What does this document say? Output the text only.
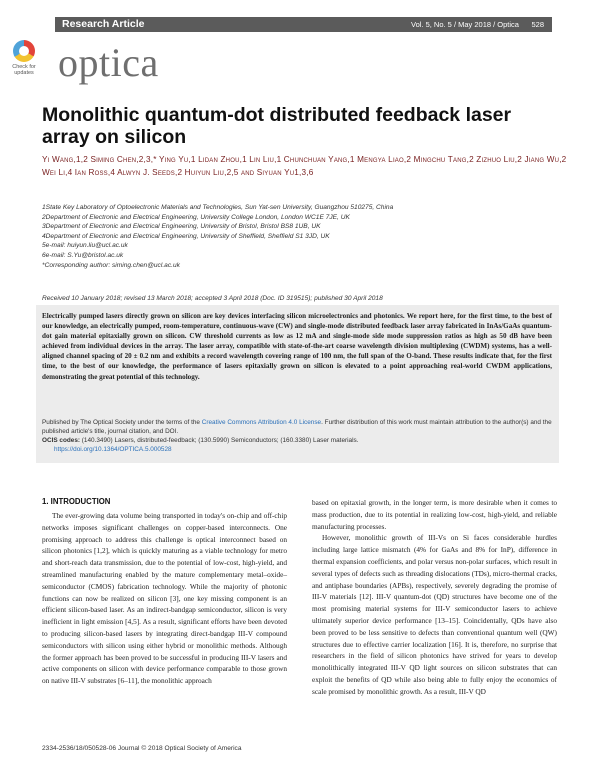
Research Article	Vol. 5, No. 5 / May 2018 / Optica      528
Check for
updates optica
Monolithic quantum-dot distributed feedback laser array on silicon
Yi Wang,1,2 Siming Chen,2,3,* Ying Yu,1 Lidan Zhou,1 Lin Liu,1 Chunchuan Yang,1 Mengya Liao,2 Mingchu Tang,2 Zizhuo Liu,2 Jiang Wu,2 Wei Li,4 Ian Ross,4 Alwyn J. Seeds,2 Huiyun Liu,2,5 and Siyuan Yu1,3,6
1State Key Laboratory of Optoelectronic Materials and Technologies, Sun Yat-sen University, Guangzhou 510275, China
2Department of Electronic and Electrical Engineering, University College London, London WC1E 7JE, UK
3Department of Electronic and Electrical Engineering, University of Bristol, Bristol BS8 1UB, UK
4Department of Electronic and Electrical Engineering, University of Sheffield, Sheffield S1 3JD, UK
5e-mail: huiyun.liu@ucl.ac.uk
6e-mail: S.Yu@bristol.ac.uk
*Corresponding author: siming.chen@ucl.ac.uk
Received 10 January 2018; revised 13 March 2018; accepted 3 April 2018 (Doc. ID 319515); published 30 April 2018
Electrically pumped lasers directly grown on silicon are key devices interfacing silicon microelectronics and photonics. We report here, for the first time, to the best of our knowledge, an electrically pumped, room-temperature, continuous-wave (CW) and single-mode distributed feedback laser array fabricated in InAs/GaAs quantum-dot gain material epitaxially grown on silicon. CW threshold currents as low as 12 mA and single-mode side mode suppression ratios as high as 50 dB have been achieved from individual devices in the array. The laser array, compatible with state-of-the-art coarse wavelength division multiplexing (CWDM) systems, has a well-aligned channel spacing of 20 ± 0.2 nm and exhibits a record wavelength covering range of 100 nm, the full span of the O-band. These results indicate that, for the first time, to the best of our knowledge, the performance of lasers epitaxially grown on silicon is elevated to a point approaching real-world CWDM applications, demonstrating the great potential of this technology.
Published by The Optical Society under the terms of the Creative Commons Attribution 4.0 License. Further distribution of this work must maintain attribution to the author(s) and the published article's title, journal citation, and DOI.
OCIS codes: (140.3490) Lasers, distributed-feedback; (130.5990) Semiconductors; (160.3380) Laser materials.
https://doi.org/10.1364/OPTICA.5.000528
1. INTRODUCTION

The ever-growing data volume being transported in today's on-chip and off-chip networks imposes significant challenges on copper-based interconnects. One promising approach to address this challenge is optical interconnect based on silicon photonics [1,2], which is quickly maturing as a viable technology for metro and short-reach data transmission, due to the potential of low-cost, high-yield, and streamlined manufacturing enabled by the mature complementary metal–oxide–semiconductor (CMOS) fabrication technology. While the majority of photonic functions can now be realized on silicon [3], one key missing component is an efficient silicon-based laser. As an indirect-bandgap semiconductor, silicon is very inefficient in light emission [4,5]. As a result, significant efforts have been devoted to producing silicon-based lasers by integrating direct-bandgap III-V compound semiconductors with silicon using either hybrid or monolithic methods. Although the former approach has been proved to be successful in producing III-V lasers and active components on silicon with device performance comparable to those grown on native III-V substrates [6–11], the monolithic approach

based on epitaxial growth, in the longer term, is more desirable when it comes to mass production, due to its potential in realizing low-cost, high-yield, and reliable manufacturing processes.

However, monolithic growth of III-Vs on Si faces considerable hurdles including large lattice mismatch (4% for GaAs and 8% for InP), difference in thermal expansion coefficients, and polar versus non-polar surfaces, which result in several types of defects such as threading dislocations (TDs), micro-thermal cracks, and antiphase boundaries (APBs), respectively, severely degrading the promise of III-V materials [12]. III-V quantum-dot (QD) structures have become one of the most promising material systems for III-V semiconductor lasers to achieve ultimately superior device performance [13–15]. Coincidentally, QDs have also been proved to be less sensitive to defects than conventional quantum well (QW) structures due to effective carrier localization [16]. It is, therefore, no surprise that researchers in the field of silicon photonics have strived for years to develop monolithically integrated III-V QD light sources on silicon substrates that can exploit the benefits of QD while also being able to fully enjoy the economics of scale promised by monolithic growth. As a result, III-V QD

2334-2536/18/050528-06 Journal © 2018 Optical Society of America
